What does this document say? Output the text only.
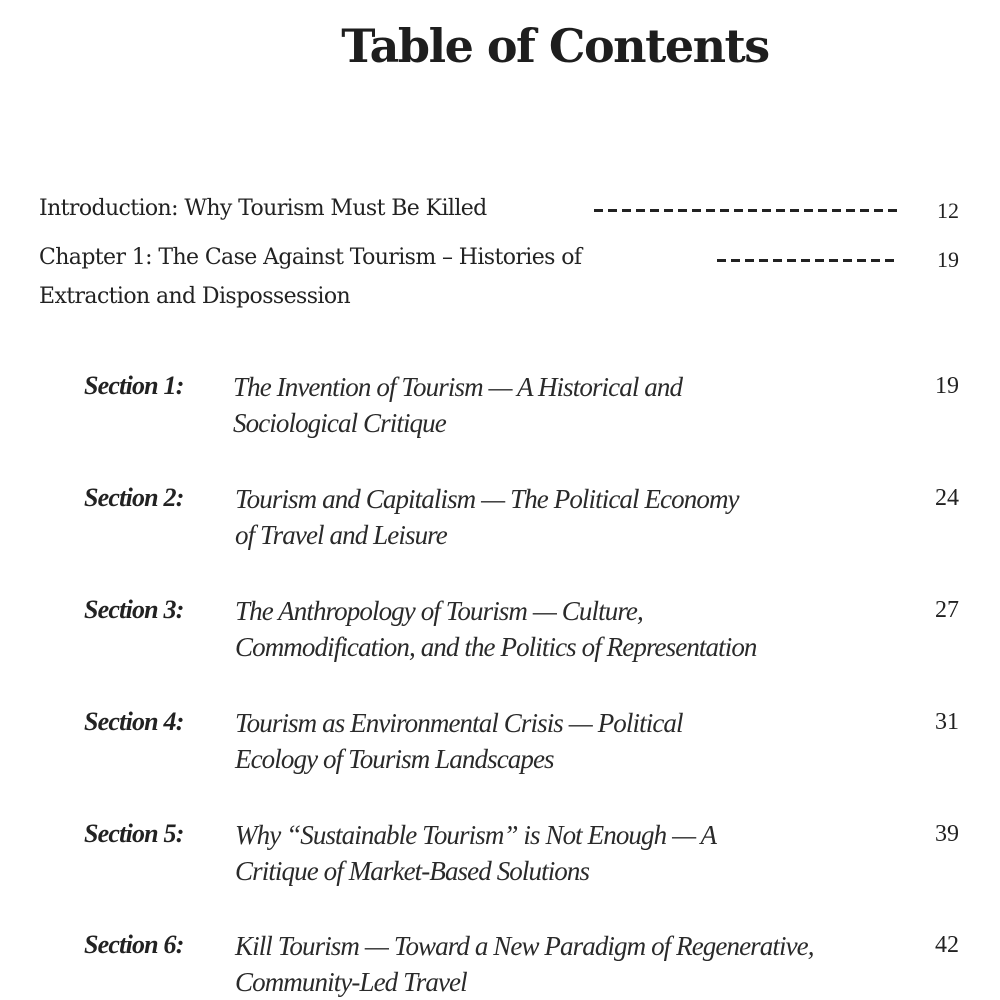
Table of Contents
Introduction: Why Tourism Must Be Killed	12
Chapter 1: The Case Against Tourism – Histories of
Extraction and Dispossession
19
Section 1: The Invention of Tourism — A Historical and
Sociological Critique
19
Section 2: Tourism and Capitalism — The Political Economy
of Travel and Leisure
24
Section 3: The Anthropology of Tourism — Culture,
Commodification, and the Politics of Representation
27
Section 4: Tourism as Environmental Crisis — Political
Ecology of Tourism Landscapes
31
Section 5: Why “Sustainable Tourism” is Not Enough — A
Critique of Market-Based Solutions
39
Section 6: Kill Tourism — Toward a New Paradigm of Regenerative,
Community-Led Travel
42
